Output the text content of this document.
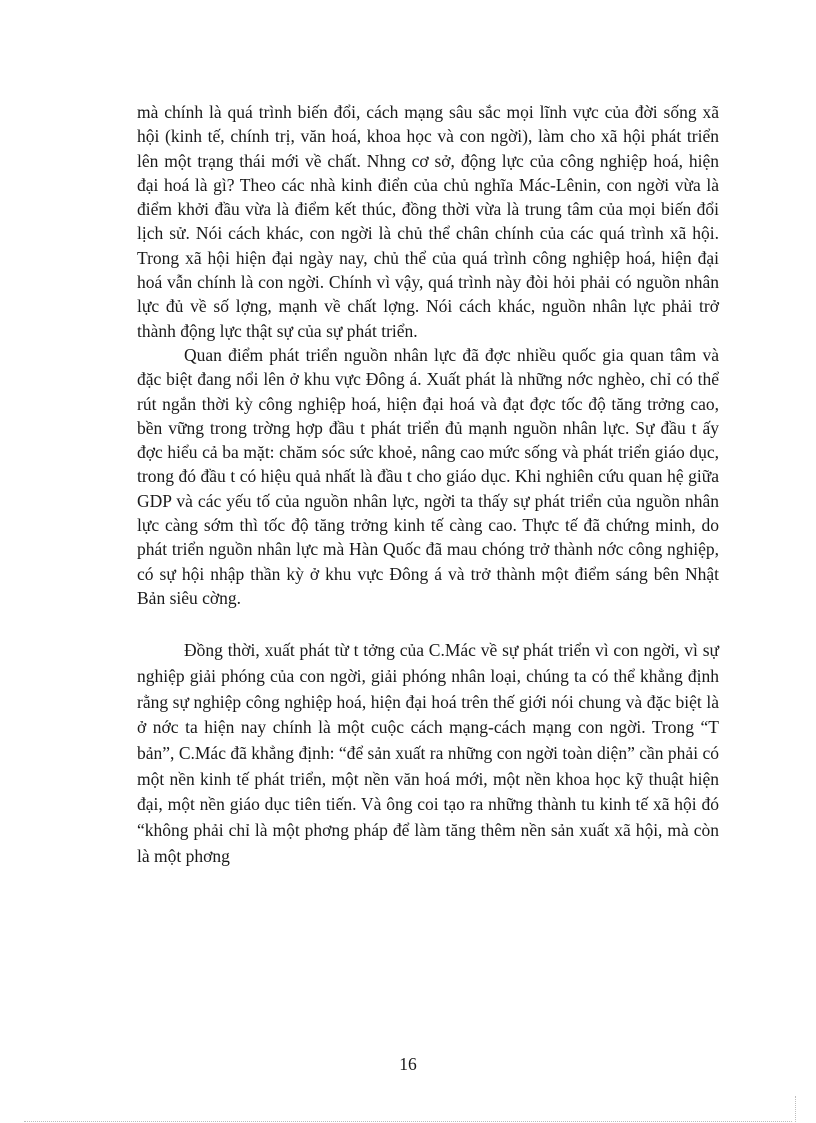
mà chính là quá trình biến đổi, cách mạng sâu sắc mọi lĩnh vực của đời sống xã hội (kinh tế, chính trị, văn hoá, khoa học và con ngời), làm cho xã hội phát triển lên một trạng thái mới về chất. Nhng cơ sở, động lực của công nghiệp hoá, hiện đại hoá là gì? Theo các nhà kinh điển của chủ nghĩa Mác-Lênin, con ngời vừa là điểm khởi đầu vừa là điểm kết thúc, đồng thời vừa là trung tâm của mọi biến đổi lịch sử. Nói cách khác, con ngời là chủ thể chân chính của các quá trình xã hội. Trong xã hội hiện đại ngày nay, chủ thể của quá trình công nghiệp hoá, hiện đại hoá vẫn chính là con ngời. Chính vì vậy, quá trình này đòi hỏi phải có nguồn nhân lực đủ về số lợng, mạnh về chất lợng. Nói cách khác, nguồn nhân lực phải trở thành động lực thật sự của sự phát triển.

Quan điểm phát triển nguồn nhân lực đã đợc nhiều quốc gia quan tâm và đặc biệt đang nổi lên ở khu vực Đông á. Xuất phát là những nớc nghèo, chỉ có thể rút ngắn thời kỳ công nghiệp hoá, hiện đại hoá và đạt đợc tốc độ tăng trởng cao, bền vững trong trờng hợp đầu t phát triển đủ mạnh nguồn nhân lực. Sự đầu t ấy đợc hiểu cả ba mặt: chăm sóc sức khoẻ, nâng cao mức sống và phát triển giáo dục, trong đó đầu t có hiệu quả nhất là đầu t cho giáo dục. Khi nghiên cứu quan hệ giữa GDP và các yếu tố của nguồn nhân lực, ngời ta thấy sự phát triển của nguồn nhân lực càng sớm thì tốc độ tăng trởng kinh tế càng cao. Thực tế đã chứng minh, do phát triển nguồn nhân lực mà Hàn Quốc đã mau chóng trở thành nớc công nghiệp, có sự hội nhập thần kỳ ở khu vực Đông á và trở thành một điểm sáng bên Nhật Bản siêu cờng.

Đồng thời, xuất phát từ t tởng của C.Mác về sự phát triển vì con ngời, vì sự nghiệp giải phóng của con ngời, giải phóng nhân loại, chúng ta có thể khẳng định rằng sự nghiệp công nghiệp hoá, hiện đại hoá trên thế giới nói chung và đặc biệt là ở nớc ta hiện nay chính là một cuộc cách mạng-cách mạng con ngời. Trong “T bản”, C.Mác đã khẳng định: “để sản xuất ra những con ngời toàn diện” cần phải có một nền kinh tế phát triển, một nền văn hoá mới, một nền khoa học kỹ thuật hiện đại, một nền giáo dục tiên tiến. Và ông coi tạo ra những thành tu kinh tế xã hội đó “không phải chỉ là một phơng pháp để làm tăng thêm nền sản xuất xã hội, mà còn là một phơng

16
